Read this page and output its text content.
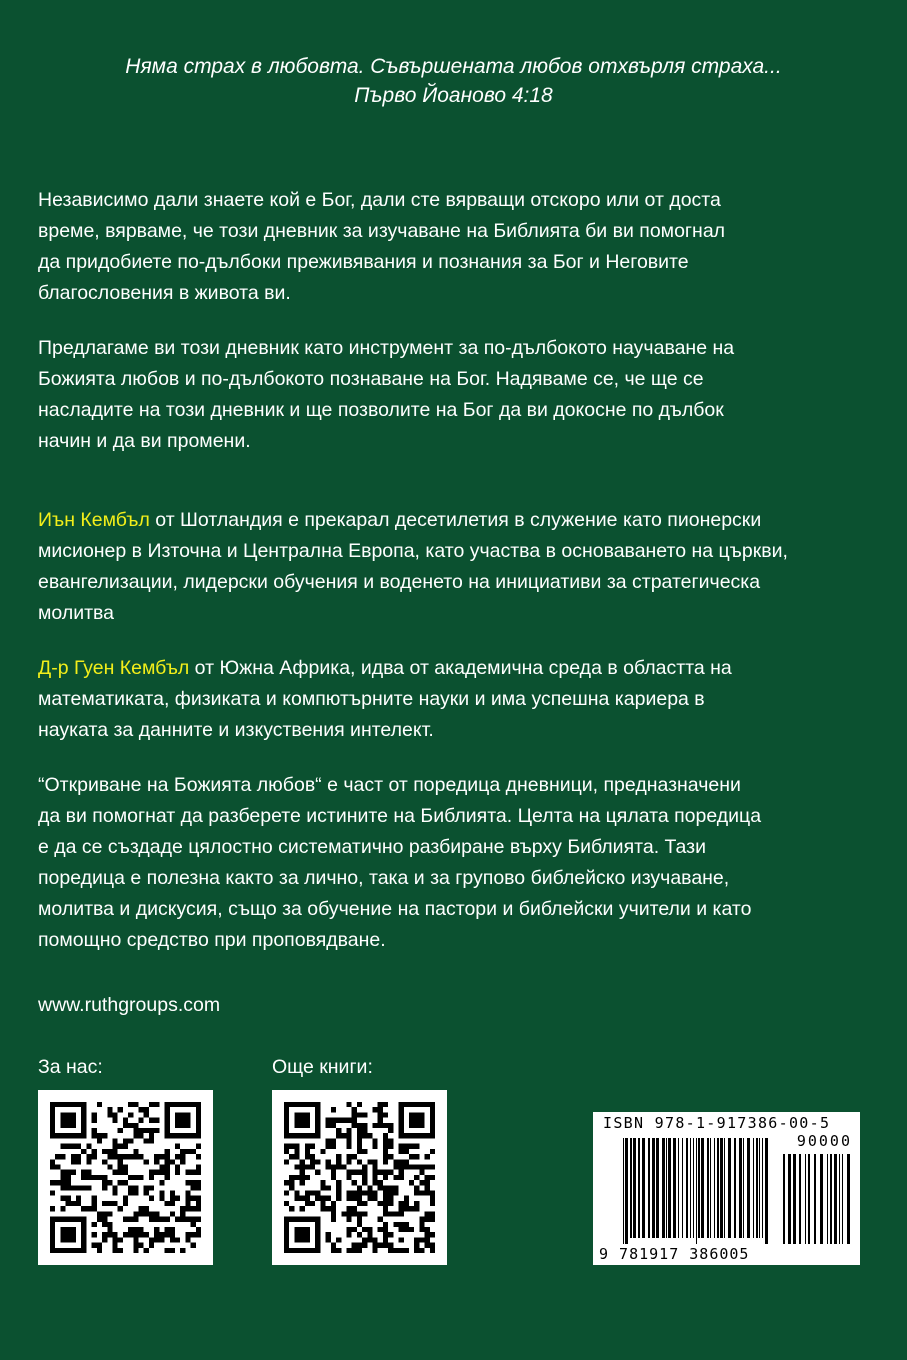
Няма страх в любовта. Съвършената любов отхвърля страха...
Първо Йоаново 4:18
Независимо дали знаете кой е Бог, дали сте вярващи отскоро или от доста
време, вярваме, че този дневник за изучаване на Библията би ви помогнал
да придобиете по-дълбоки преживявания и познания за Бог и Неговите
благословения в живота ви.
Предлагаме ви този дневник като инструмент за по-дълбокото научаване на
Божията любов и по-дълбокото познаване на Бог. Надяваме се, че ще се
насладите на този дневник и ще позволите на Бог да ви докосне по дълбок
начин и да ви промени.
Иън Кембъл от Шотландия е прекарал десетилетия в служение като пионерски
мисионер в Източна и Централна Европа, като участва в основаването на църкви,
евангелизации, лидерски обучения и воденето на инициативи за стратегическа
молитва
Д-р Гуен Кембъл от Южна Африка, идва от академична среда в областта на
математиката, физиката и компютърните науки и има успешна кариера в
науката за данните и изкуствения интелект.
“Откриване на Божията любов“ е част от поредица дневници, предназначени
да ви помогнат да разберете истините на Библията. Целта на цялата поредица
е да се създаде цялостно систематично разбиране върху Библията. Тази
поредица е полезна както за лично, така и за групово библейско изучаване,
молитва и дискусия, също за обучение на пастори и библейски учители и като
помощно средство при проповядване.
www.ruthgroups.com
За нас:	Още книги:
ISBN 978-1-917386-00-5
90000
9 781917 386005
